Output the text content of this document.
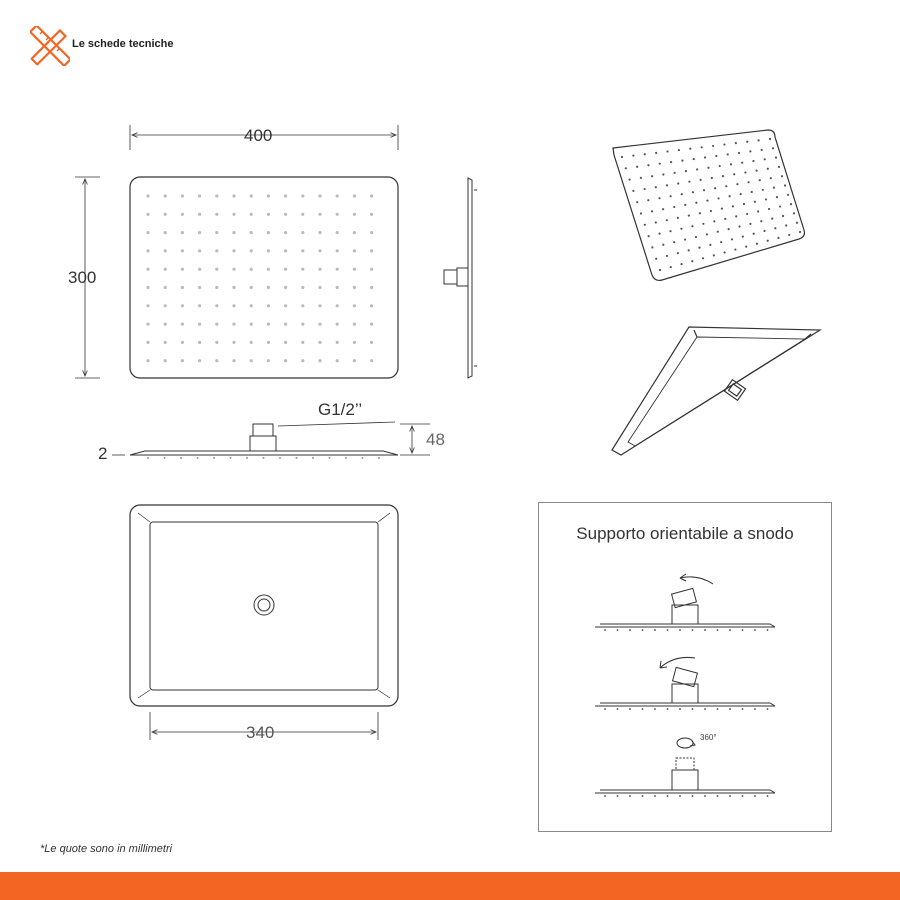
Le schede tecniche
400
300
G1/2’’
48
2
340
Supporto orientabile a snodo
360°
*Le quote sono in millimetri
